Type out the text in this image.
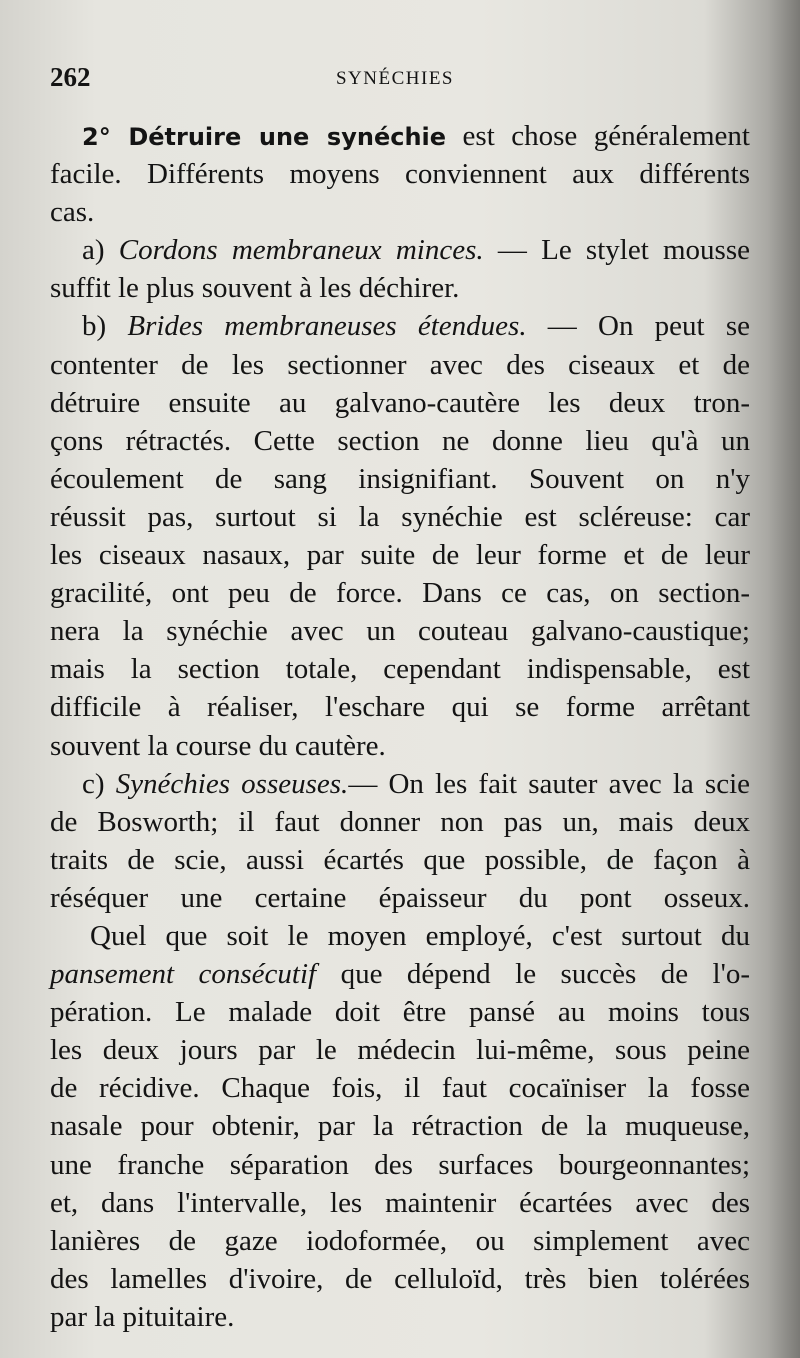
262	SYNÉCHIES
2° Détruire une synéchie est chose généralement
facile. Différents moyens conviennent aux différents
cas.
a) Cordons membraneux minces. — Le stylet mousse
suffit le plus souvent à les déchirer.
b) Brides membraneuses étendues. — On peut se
contenter de les sectionner avec des ciseaux et de
détruire ensuite au galvano-cautère les deux tron-
çons rétractés. Cette section ne donne lieu qu'à un
écoulement de sang insignifiant. Souvent on n'y
réussit pas, surtout si la synéchie est scléreuse: car
les ciseaux nasaux, par suite de leur forme et de leur
gracilité, ont peu de force. Dans ce cas, on section-
nera la synéchie avec un couteau galvano-caustique;
mais la section totale, cependant indispensable, est
difficile à réaliser, l'eschare qui se forme arrêtant
souvent la course du cautère.
c) Synéchies osseuses.— On les fait sauter avec la scie
de Bosworth; il faut donner non pas un, mais deux
traits de scie, aussi écartés que possible, de façon à
réséquer une certaine épaisseur du pont osseux.
Quel que soit le moyen employé, c'est surtout du
pansement consécutif que dépend le succès de l'o-
pération. Le malade doit être pansé au moins tous
les deux jours par le médecin lui-même, sous peine
de récidive. Chaque fois, il faut cocaïniser la fosse
nasale pour obtenir, par la rétraction de la muqueuse,
une franche séparation des surfaces bourgeonnantes;
et, dans l'intervalle, les maintenir écartées avec des
lanières de gaze iodoformée, ou simplement avec
des lamelles d'ivoire, de celluloïd, très bien tolérées
par la pituitaire.
